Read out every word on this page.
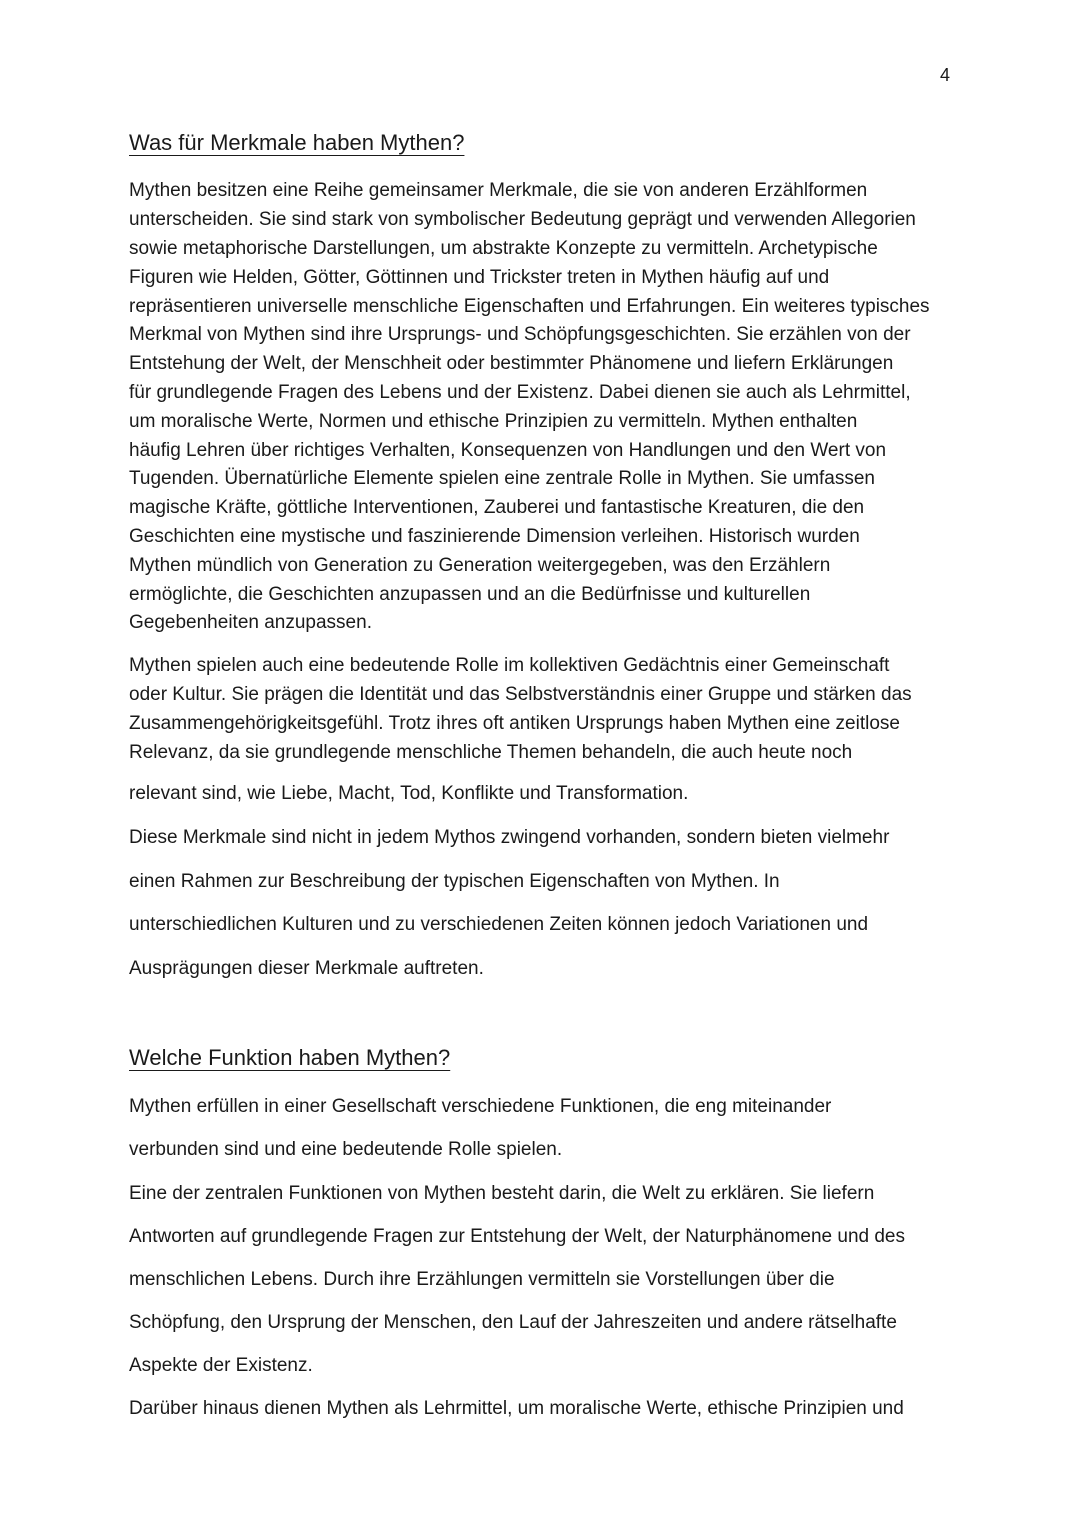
4
Was für Merkmale haben Mythen?

Mythen besitzen eine Reihe gemeinsamer Merkmale, die sie von anderen Erzählformen

unterscheiden. Sie sind stark von symbolischer Bedeutung geprägt und verwenden Allegorien

sowie metaphorische Darstellungen, um abstrakte Konzepte zu vermitteln. Archetypische

Figuren wie Helden, Götter, Göttinnen und Trickster treten in Mythen häufig auf und

repräsentieren universelle menschliche Eigenschaften und Erfahrungen. Ein weiteres typisches

Merkmal von Mythen sind ihre Ursprungs- und Schöpfungsgeschichten. Sie erzählen von der

Entstehung der Welt, der Menschheit oder bestimmter Phänomene und liefern Erklärungen

für grundlegende Fragen des Lebens und der Existenz. Dabei dienen sie auch als Lehrmittel,

um moralische Werte, Normen und ethische Prinzipien zu vermitteln. Mythen enthalten

häufig Lehren über richtiges Verhalten, Konsequenzen von Handlungen und den Wert von

Tugenden. Übernatürliche Elemente spielen eine zentrale Rolle in Mythen. Sie umfassen

magische Kräfte, göttliche Interventionen, Zauberei und fantastische Kreaturen, die den

Geschichten eine mystische und faszinierende Dimension verleihen. Historisch wurden

Mythen mündlich von Generation zu Generation weitergegeben, was den Erzählern

ermöglichte, die Geschichten anzupassen und an die Bedürfnisse und kulturellen

Gegebenheiten anzupassen.

Mythen spielen auch eine bedeutende Rolle im kollektiven Gedächtnis einer Gemeinschaft

oder Kultur. Sie prägen die Identität und das Selbstverständnis einer Gruppe und stärken das

Zusammengehörigkeitsgefühl. Trotz ihres oft antiken Ursprungs haben Mythen eine zeitlose

Relevanz, da sie grundlegende menschliche Themen behandeln, die auch heute noch

relevant sind, wie Liebe, Macht, Tod, Konflikte und Transformation.

Diese Merkmale sind nicht in jedem Mythos zwingend vorhanden, sondern bieten vielmehr

einen Rahmen zur Beschreibung der typischen Eigenschaften von Mythen. In

unterschiedlichen Kulturen und zu verschiedenen Zeiten können jedoch Variationen und

Ausprägungen dieser Merkmale auftreten.

Welche Funktion haben Mythen?

Mythen erfüllen in einer Gesellschaft verschiedene Funktionen, die eng miteinander

verbunden sind und eine bedeutende Rolle spielen.

Eine der zentralen Funktionen von Mythen besteht darin, die Welt zu erklären. Sie liefern

Antworten auf grundlegende Fragen zur Entstehung der Welt, der Naturphänomene und des

menschlichen Lebens. Durch ihre Erzählungen vermitteln sie Vorstellungen über die

Schöpfung, den Ursprung der Menschen, den Lauf der Jahreszeiten und andere rätselhafte

Aspekte der Existenz.

Darüber hinaus dienen Mythen als Lehrmittel, um moralische Werte, ethische Prinzipien und
